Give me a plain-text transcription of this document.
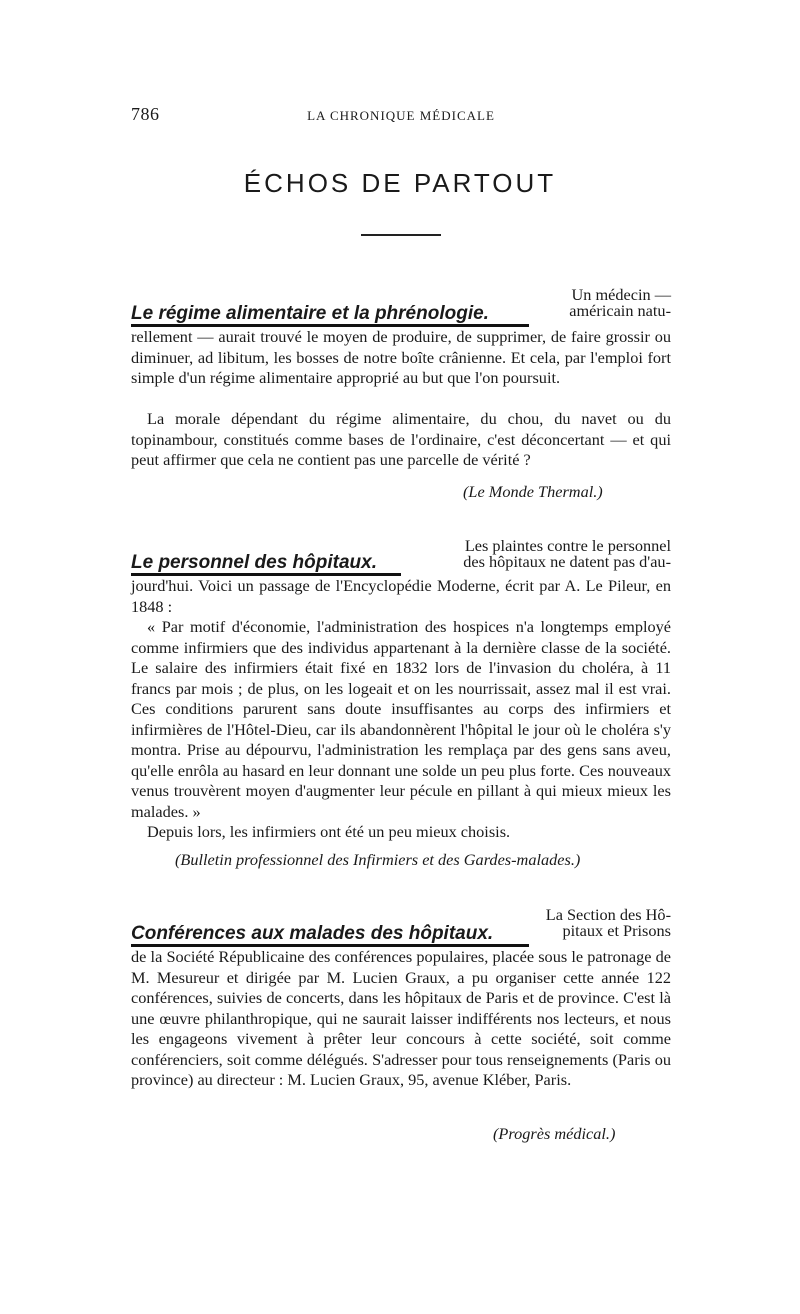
786	LA CHRONIQUE MÉDICALE
ÉCHOS DE PARTOUT
Le régime alimentaire et la phrénologie.
Un médecin —
américain natu-
rellement — aurait trouvé le moyen de produire, de supprimer, de faire grossir ou diminuer, ad libitum, les bosses de notre boîte crânienne. Et cela, par l'emploi fort simple d'un régime alimentaire approprié au but que l'on poursuit.
La morale dépendant du régime alimentaire, du chou, du navet ou du topinambour, constitués comme bases de l'ordinaire, c'est déconcertant — et qui peut affirmer que cela ne contient pas une parcelle de vérité ?
(Le Monde Thermal.)
Le personnel des hôpitaux.
Les plaintes contre le personnel
des hôpitaux ne datent pas d'au-
jourd'hui. Voici un passage de l'Encyclopédie Moderne, écrit par A. Le Pileur, en 1848 :
« Par motif d'économie, l'administration des hospices n'a longtemps employé comme infirmiers que des individus appartenant à la dernière classe de la société. Le salaire des infirmiers était fixé en 1832 lors de l'invasion du choléra, à 11 francs par mois ; de plus, on les logeait et on les nourrissait, assez mal il est vrai. Ces conditions parurent sans doute insuffisantes au corps des infirmiers et infirmières de l'Hôtel-Dieu, car ils abandonnèrent l'hôpital le jour où le choléra s'y montra. Prise au dépourvu, l'administration les remplaça par des gens sans aveu, qu'elle enrôla au hasard en leur donnant une solde un peu plus forte. Ces nouveaux venus trouvèrent moyen d'augmenter leur pécule en pillant à qui mieux mieux les malades. »
Depuis lors, les infirmiers ont été un peu mieux choisis.
(Bulletin professionnel des Infirmiers et des Gardes-malades.)
Conférences aux malades des hôpitaux.
La Section des Hô-
pitaux et Prisons
de la Société Républicaine des conférences populaires, placée sous le patronage de M. Mesureur et dirigée par M. Lucien Graux, a pu organiser cette année 122 conférences, suivies de concerts, dans les hôpitaux de Paris et de province. C'est là une œuvre philanthropique, qui ne saurait laisser indifférents nos lecteurs, et nous les engageons vivement à prêter leur concours à cette société, soit comme conférenciers, soit comme délégués. S'adresser pour tous renseignements (Paris ou province) au directeur : M. Lucien Graux, 95, avenue Kléber, Paris.
(Progrès médical.)
